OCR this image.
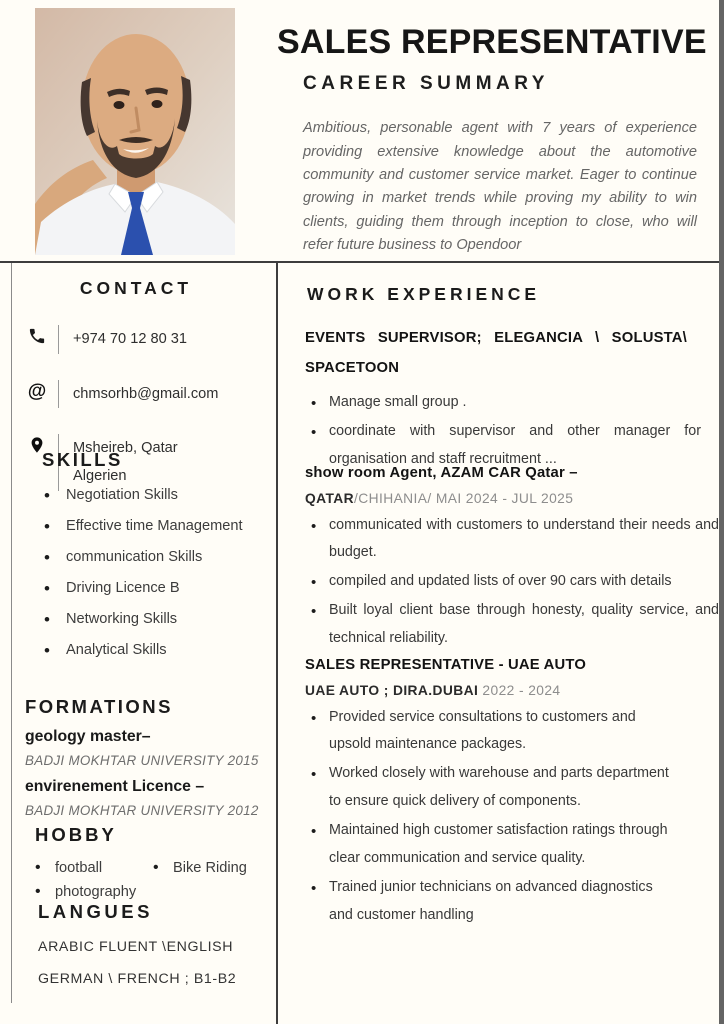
SALES REPRESENTATIVE
CAREER SUMMARY

Ambitious, personable agent with 7 years of experience providing extensive knowledge about the automotive community and customer service market. Eager to continue growing in market trends while proving my ability to win clients, guiding them through inception to close, who will refer future business to Opendoor

CONTACT
+974 70 12 80 31
@ chmsorhb@gmail.com
Msheireb, Qatar
Algerien
SKILLS
• Negotiation Skills
• Effective time Management
• communication Skills
• Driving Licence B
• Networking Skills
• Analytical Skills
FORMATIONS
geology master–
BADJI MOKHTAR UNIVERSITY 2015
envirenement Licence –
BADJI MOKHTAR UNIVERSITY 2012
HOBBY
• football	• Bike Riding
• photography
LANGUES
ARABIC FLUENT \ENGLISH
GERMAN \ FRENCH ; B1-B2
WORK EXPERIENCE
EVENTS SUPERVISOR; ELEGANCIA \ SOLUSTA\ SPACETOON
• Manage small group .
• coordinate with supervisor and other manager for organisation and staff recruitment ...
show room Agent, AZAM CAR Qatar –
QATAR/CHIHANIA/ MAI 2024 - JUL 2025
• communicated with customers to understand their needs and budget.
• compiled and updated lists of over 90 cars with details
• Built loyal client base through honesty, quality service, and technical reliability.
SALES REPRESENTATIVE - UAE AUTO
UAE AUTO ; DIRA.DUBAI 2022 - 2024
• Provided service consultations to customers and upsold maintenance packages.
• Worked closely with warehouse and parts department to ensure quick delivery of components.
• Maintained high customer satisfaction ratings through clear communication and service quality.
• Trained junior technicians on advanced diagnostics and customer handling
